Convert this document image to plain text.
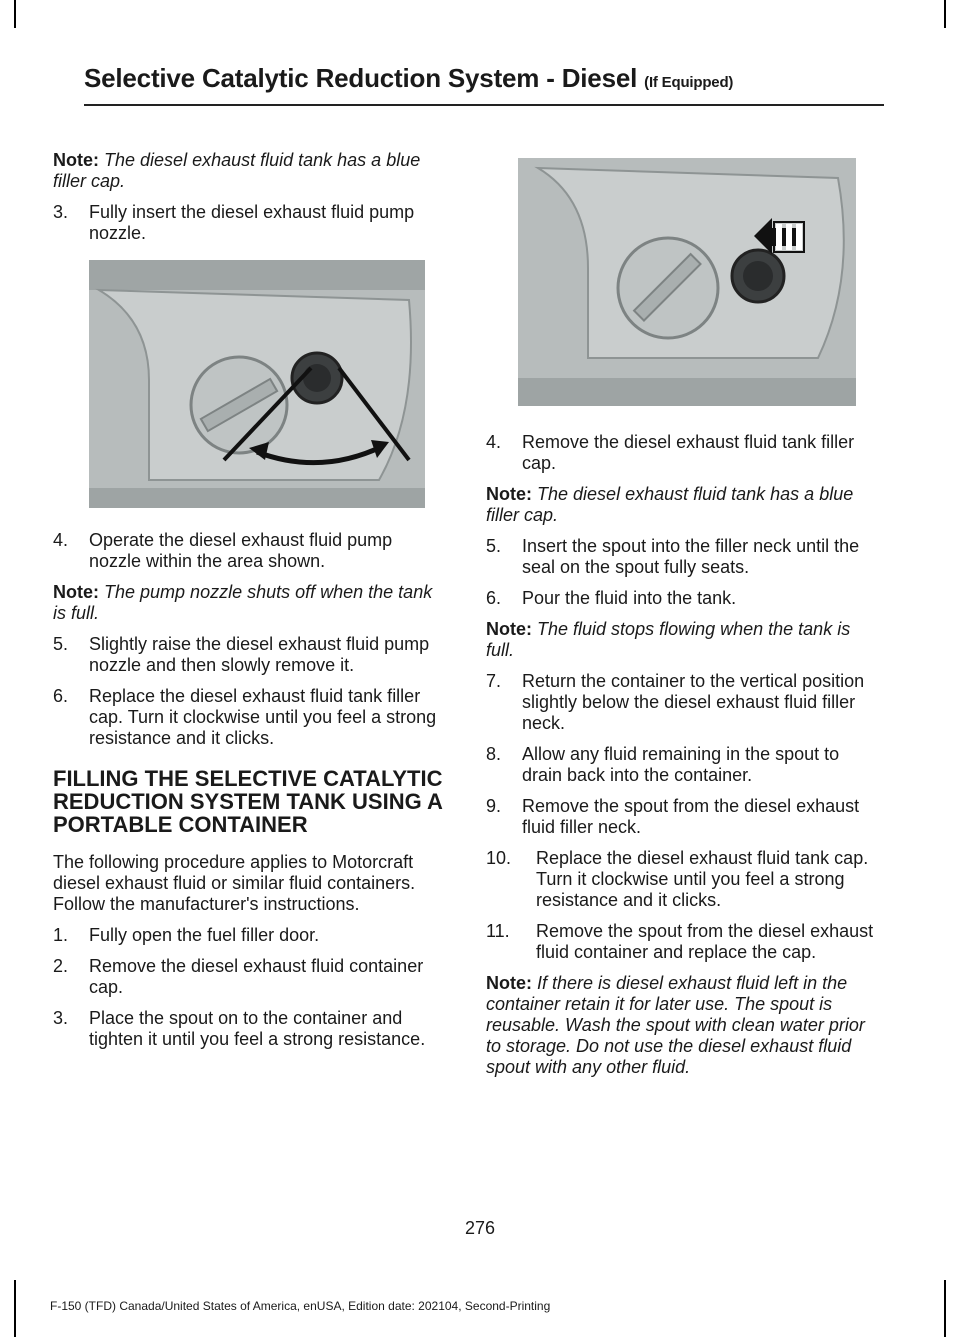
Selective Catalytic Reduction System - Diesel (If Equipped)

Note: The diesel exhaust fluid tank has a blue filler cap.

3. Fully insert the diesel exhaust fluid pump nozzle.
4. Operate the diesel exhaust fluid pump nozzle within the area shown.

Note: The pump nozzle shuts off when the tank is full.

5. Slightly raise the diesel exhaust fluid pump nozzle and then slowly remove it.
6. Replace the diesel exhaust fluid tank filler cap. Turn it clockwise until you feel a strong resistance and it clicks.
FILLING THE SELECTIVE CATALYTIC REDUCTION SYSTEM TANK USING A PORTABLE CONTAINER

The following procedure applies to Motorcraft diesel exhaust fluid or similar fluid containers. Follow the manufacturer's instructions.

1. Fully open the fuel filler door.
2. Remove the diesel exhaust fluid container cap.
3. Place the spout on to the container and tighten it until you feel a strong resistance.
4. Remove the diesel exhaust fluid tank filler cap.

Note: The diesel exhaust fluid tank has a blue filler cap.

5. Insert the spout into the filler neck until the seal on the spout fully seats.
6. Pour the fluid into the tank.

Note: The fluid stops flowing when the tank is full.

7. Return the container to the vertical position slightly below the diesel exhaust fluid filler neck.
8. Allow any fluid remaining in the spout to drain back into the container.
9. Remove the spout from the diesel exhaust fluid filler neck.
10. Replace the diesel exhaust fluid tank cap. Turn it clockwise until you feel a strong resistance and it clicks.
11. Remove the spout from the diesel exhaust fluid container and replace the cap.

Note: If there is diesel exhaust fluid left in the container retain it for later use. The spout is reusable. Wash the spout with clean water prior to storage. Do not use the diesel exhaust fluid spout with any other fluid.

276
F-150 (TFD) Canada/United States of America, enUSA, Edition date: 202104, Second-Printing
